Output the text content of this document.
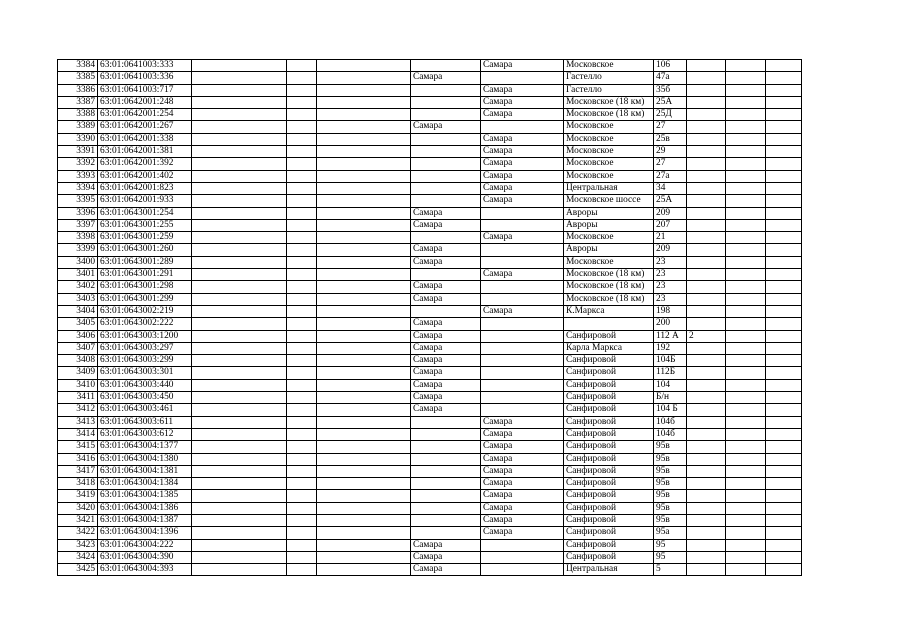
3384	63:01:0641003:333					Самара	Московское	106			
3385	63:01:0641003:336				Самара		Гастелло	47а			
3386	63:01:0641003:717					Самара	Гастелло	35б			
3387	63:01:0642001:248					Самара	Московское (18 км)	25А			
3388	63:01:0642001:254					Самара	Московское (18 км)	25Д			
3389	63:01:0642001:267				Самара		Московское	27			
3390	63:01:0642001:338					Самара	Московское	25в			
3391	63:01:0642001:381					Самара	Московское	29			
3392	63:01:0642001:392					Самара	Московское	27			
3393	63:01:0642001:402					Самара	Московское	27а			
3394	63:01:0642001:823					Самара	Центральная	34			
3395	63:01:0642001:933					Самара	Московское шоссе	25А			
3396	63:01:0643001:254				Самара		Авроры	209			
3397	63:01:0643001:255				Самара		Авроры	207			
3398	63:01:0643001:259					Самара	Московское	21			
3399	63:01:0643001:260				Самара		Авроры	209			
3400	63:01:0643001:289				Самара		Московское	23			
3401	63:01:0643001:291					Самара	Московское (18 км)	23			
3402	63:01:0643001:298				Самара		Московское (18 км)	23			
3403	63:01:0643001:299				Самара		Московское (18 км)	23			
3404	63:01:0643002:219					Самара	К.Маркса	198			
3405	63:01:0643002:222				Самара			200			
3406	63:01:0643003:1200				Самара		Санфировой	112 А	2		
3407	63:01:0643003:297				Самара		Карла Маркса	192			
3408	63:01:0643003:299				Самара		Санфировой	104Б			
3409	63:01:0643003:301				Самара		Санфировой	112Б			
3410	63:01:0643003:440				Самара		Санфировой	104			
3411	63:01:0643003:450				Самара		Санфировой	Б/н			
3412	63:01:0643003:461				Самара		Санфировой	104 Б			
3413	63:01:0643003:611					Самара	Санфировой	104б			
3414	63:01:0643003:612					Самара	Санфировой	104б			
3415	63:01:0643004:1377					Самара	Санфировой	95в			
3416	63:01:0643004:1380					Самара	Санфировой	95в			
3417	63:01:0643004:1381					Самара	Санфировой	95в			
3418	63:01:0643004:1384					Самара	Санфировой	95в			
3419	63:01:0643004:1385					Самара	Санфировой	95в			
3420	63:01:0643004:1386					Самара	Санфировой	95в			
3421	63:01:0643004:1387					Самара	Санфировой	95в			
3422	63:01:0643004:1396					Самара	Санфировой	95а			
3423	63:01:0643004:222				Самара		Санфировой	95			
3424	63:01:0643004:390				Самара		Санфировой	95			
3425	63:01:0643004:393				Самара		Центральная	5			
